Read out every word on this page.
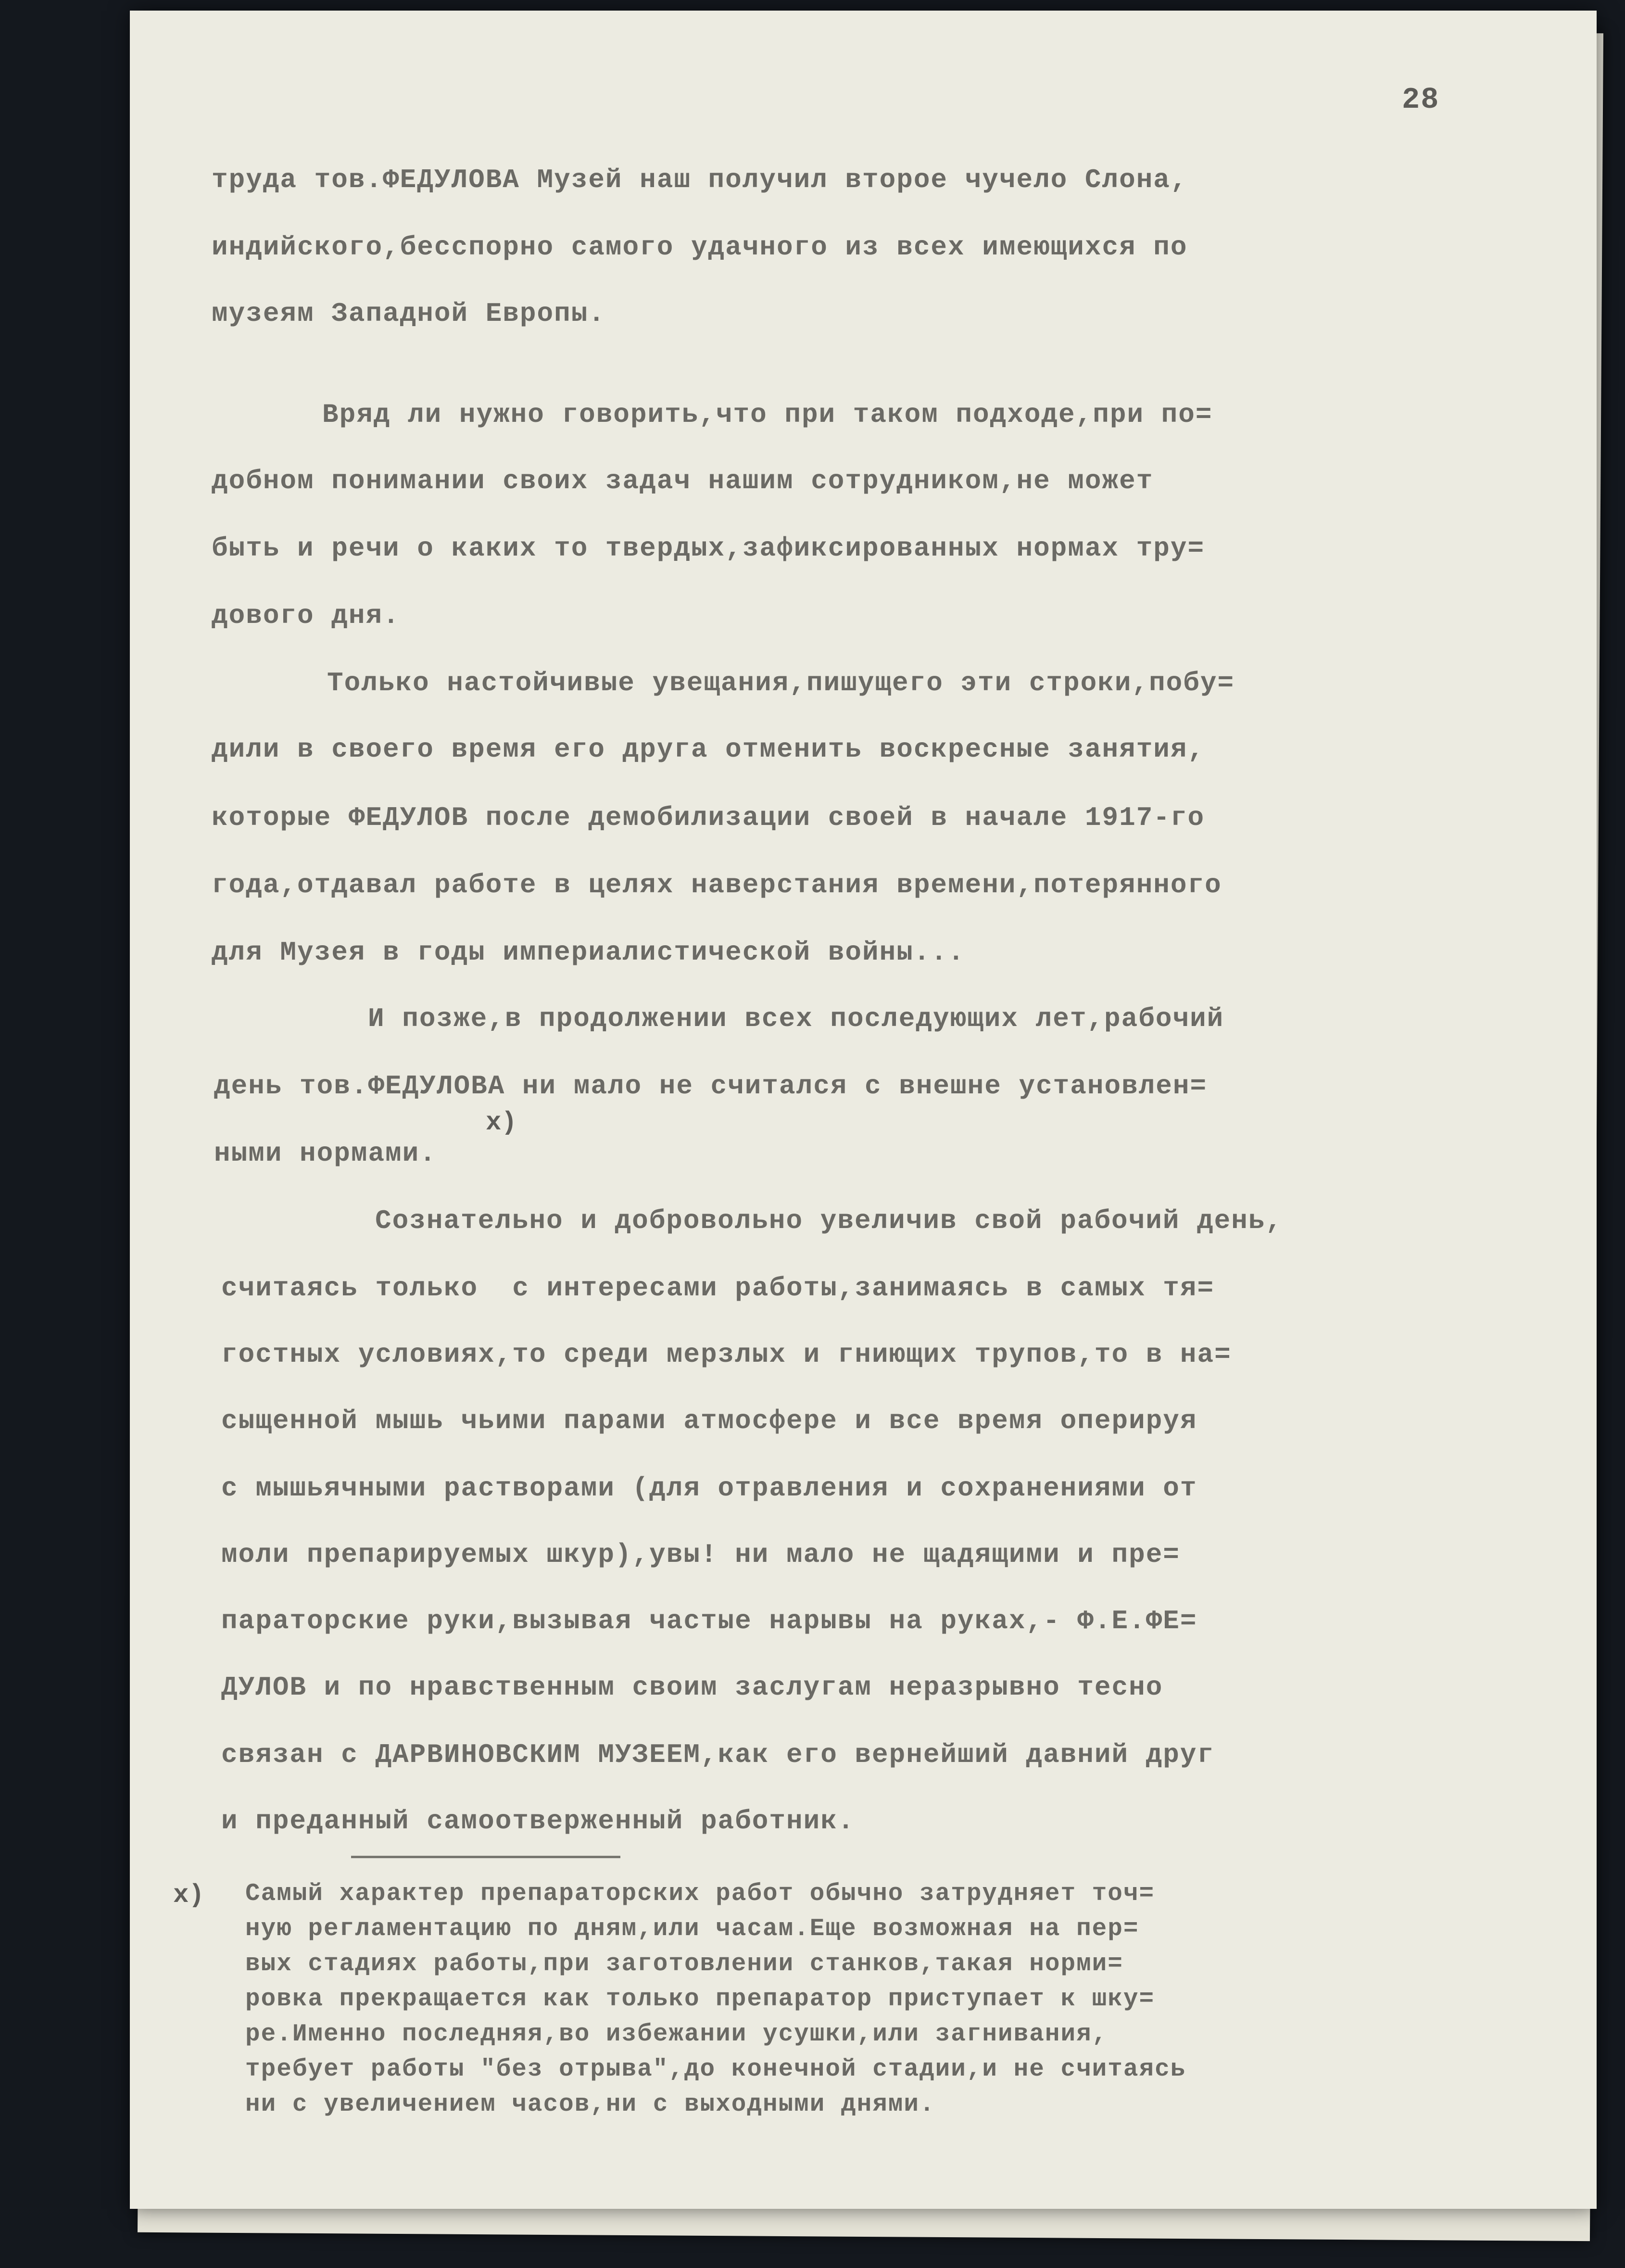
28
труда тов.ФЕДУЛОВА Музей наш получил второе чучело Слона,
индийского,бесспорно самого удачного из всех имеющихся по
музеям Западной Европы.
Вряд ли нужно говорить,что при таком подходе,при по=
добном понимании своих задач нашим сотрудником,не может
быть и речи о каких то твердых,зафиксированных нормах тру=
дового дня.
Только настойчивые увещания,пишущего эти строки,побу=
дили в своего время его друга отменить воскресные занятия,
которые ФЕДУЛОВ после демобилизации своей в начале 1917-го
года,отдавал работе в целях наверстания времени,потерянного
для Музея в годы империалистической войны...
И позже,в продолжении всех последующих лет,рабочий
день тов.ФЕДУЛОВА ни мало не считался с внешне установлен=
x)
ными нормами.
Сознательно и добровольно увеличив свой рабочий день,
считаясь только  с интересами работы,занимаясь в самых тя=
гостных условиях,то среди мерзлых и гниющих трупов,то в на=
сыщенной мышь чьими парами атмосфере и все время оперируя
с мышьячными растворами (для отравления и сохранениями от
моли препарируемых шкур),увы! ни мало не щадящими и пре=
параторские руки,вызывая частые нарывы на руках,- Ф.Е.ФЕ=
ДУЛОВ и по нравственным своим заслугам неразрывно тесно
связан с ДАРВИНОВСКИМ МУЗЕЕМ,как его вернейший давний друг
и преданный самоотверженный работник.
x) Самый характер препараторских работ обычно затрудняет точ=
ную регламентацию по дням,или часам.Еще возможная на пер=
вых стадиях работы,при заготовлении станков,такая норми=
ровка прекращается как только препаратор приступает к шку=
ре.Именно последняя,во избежании усушки,или загнивания,
требует работы "без отрыва",до конечной стадии,и не считаясь
ни с увеличением часов,ни с выходными днями.
